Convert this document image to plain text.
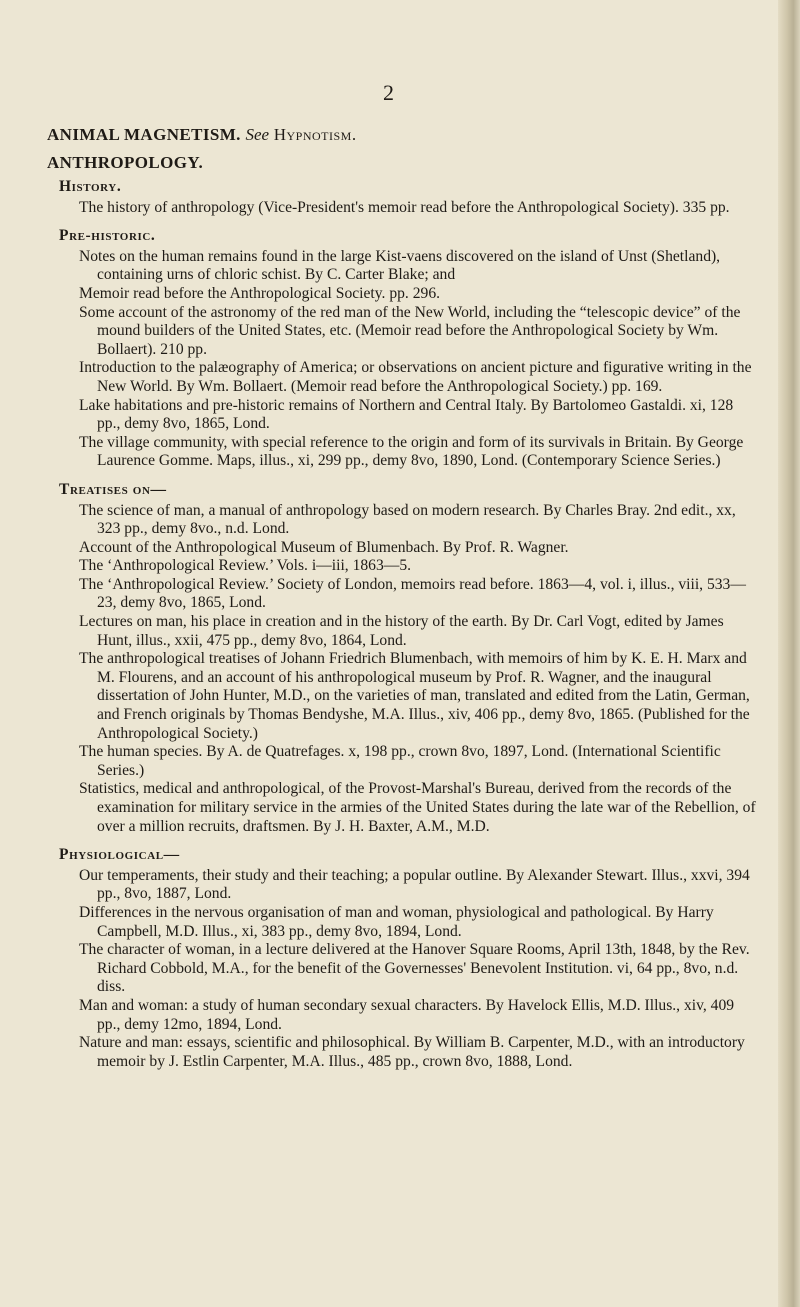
2

ANIMAL MAGNETISM. See Hypnotism.

ANTHROPOLOGY.

History.

The history of anthropology (Vice-President's memoir read before the Anthropological Society). 335 pp.

Pre-historic.

Notes on the human remains found in the large Kist-vaens discovered on the island of Unst (Shetland), containing urns of chloric schist. By C. Carter Blake; and

Memoir read before the Anthropological Society. pp. 296.

Some account of the astronomy of the red man of the New World, including the “telescopic device” of the mound builders of the United States, etc. (Memoir read before the Anthropological Society by Wm. Bollaert). 210 pp.

Introduction to the palæography of America; or observations on ancient picture and figurative writing in the New World. By Wm. Bollaert. (Memoir read before the Anthropological Society.) pp. 169.

Lake habitations and pre-historic remains of Northern and Central Italy. By Bartolomeo Gastaldi. xi, 128 pp., demy 8vo, 1865, Lond.

The village community, with special reference to the origin and form of its survivals in Britain. By George Laurence Gomme. Maps, illus., xi, 299 pp., demy 8vo, 1890, Lond. (Contemporary Science Series.)

Treatises on—

The science of man, a manual of anthropology based on modern research. By Charles Bray. 2nd edit., xx, 323 pp., demy 8vo., n.d. Lond.

Account of the Anthropological Museum of Blumenbach. By Prof. R. Wagner.

The ‘Anthropological Review.’ Vols. i—iii, 1863—5.

The ‘Anthropological Review.’ Society of London, memoirs read before. 1863—4, vol. i, illus., viii, 533—23, demy 8vo, 1865, Lond.

Lectures on man, his place in creation and in the history of the earth. By Dr. Carl Vogt, edited by James Hunt, illus., xxii, 475 pp., demy 8vo, 1864, Lond.

The anthropological treatises of Johann Friedrich Blumenbach, with memoirs of him by K. E. H. Marx and M. Flourens, and an account of his anthropological museum by Prof. R. Wagner, and the inaugural dissertation of John Hunter, M.D., on the varieties of man, translated and edited from the Latin, German, and French originals by Thomas Bendyshe, M.A. Illus., xiv, 406 pp., demy 8vo, 1865. (Published for the Anthropological Society.)

The human species. By A. de Quatrefages. x, 198 pp., crown 8vo, 1897, Lond. (International Scientific Series.)

Statistics, medical and anthropological, of the Provost-Marshal's Bureau, derived from the records of the examination for military service in the armies of the United States during the late war of the Rebellion, of over a million recruits, draftsmen. By J. H. Baxter, A.M., M.D.

Physiological—

Our temperaments, their study and their teaching; a popular outline. By Alexander Stewart. Illus., xxvi, 394 pp., 8vo, 1887, Lond.

Differences in the nervous organisation of man and woman, physiological and pathological. By Harry Campbell, M.D. Illus., xi, 383 pp., demy 8vo, 1894, Lond.

The character of woman, in a lecture delivered at the Hanover Square Rooms, April 13th, 1848, by the Rev. Richard Cobbold, M.A., for the benefit of the Governesses' Benevolent Institution. vi, 64 pp., 8vo, n.d. diss.

Man and woman: a study of human secondary sexual characters. By Havelock Ellis, M.D. Illus., xiv, 409 pp., demy 12mo, 1894, Lond.

Nature and man: essays, scientific and philosophical. By William B. Carpenter, M.D., with an introductory memoir by J. Estlin Carpenter, M.A. Illus., 485 pp., crown 8vo, 1888, Lond.
